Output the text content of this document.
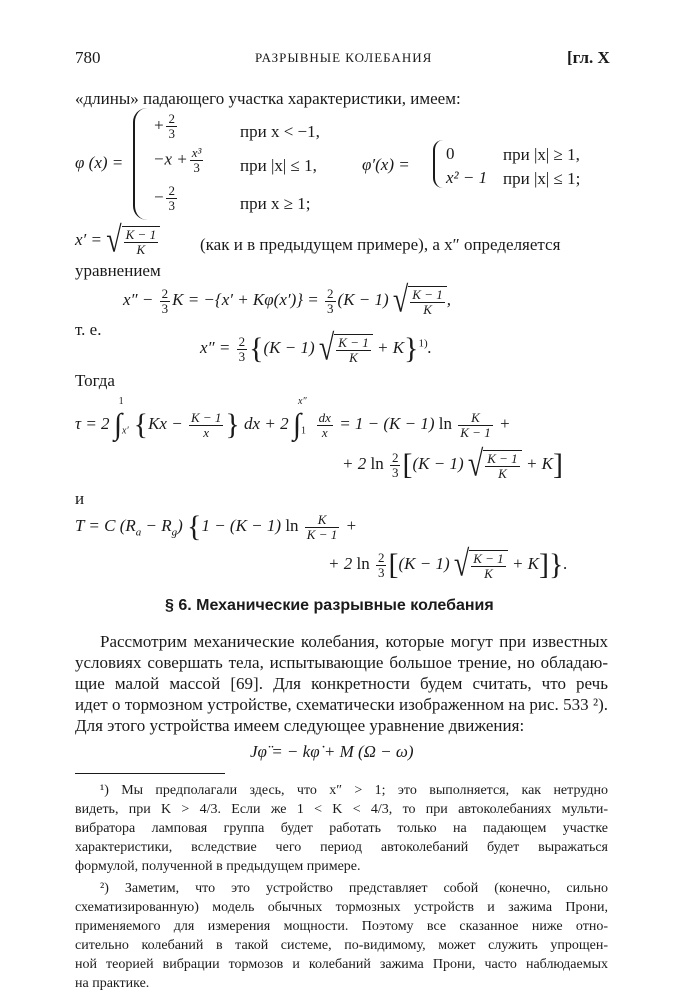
780	РАЗРЫВНЫЕ КОЛЕБАНИЯ	[гл. X
«длины» падающего участка характеристики, имеем:
φ (x) =
+ $\frac{2}{3}$	при x < −1,
$-x + \frac{\text{x³}}{3}$ при |x| ≤ 1,
− $\frac{2}{3}$	при x ≥ 1;
φ′(x) =
0	при |x| ≥ 1,
x² − 1 при |x| ≤ 1;
x′ = √ $\frac{K - 1}{K} (как$ и в предыдущем примере), а x″ определяется
уравнением
$x'' - \frac{2}{3}$ $K = -\{x' + K\varphi(x')\} = \frac{2}{3} (K - 1)$ √ $\frac{K - 1}{K}$ ,
т. е.
$x'' = \frac{2}{3} \{(K - 1)$ √ $\frac{K - 1}{K} + K\}^{1)}$.
Тогда
τ = 2 $\int_{x'}^1\{Kx - \frac{K - 1}{x}$ } dx + 2 $\int_1^{x''}$
$\frac{dx}{x} = 1 - (K - 1)$ $\ln \frac{K}{K - 1}$ +
+ 2 $\ln \frac{2}{3} [(K - 1)$ √ $\frac{K - 1}{K} + K$]
и
T = C $(R_a - R_g) \{1 - (K - 1)$ $\ln \frac{K}{K - 1}$ +
+ 2 $\ln \frac{2}{3} [(K - 1)$ √ $\frac{K - 1}{K} + K$]}.
§ 6. Механические разрывные колебания
Рассмотрим механические колебания, которые могут при известных
условиях совершать тела, испытывающие большое трение, но обладаю-
щие малой массой [69]. Для конкретности будем считать, что речь
идет о тормозном устройстве, схематически изображенном на рис. 533 ²).
Для этого устройства имеем следующее уравнение движения:
Jφ̈ = − kφ̇ + M (Ω − ω)
¹) Мы предполагали здесь, что x″ > 1; это выполняется, как нетрудно
видеть, при K > 4/3. Если же 1 < K < 4/3, то при автоколебаниях мульти-
вибратора ламповая группа будет работать только на падающем участке
характеристики, вследствие чего период автоколебаний будет выражаться
формулой, полученной в предыдущем примере.
²) Заметим, что это устройство представляет собой (конечно, сильно
схематизированную) модель обычных тормозных устройств и зажима Прони,
применяемого для измерения мощности. Поэтому все сказанное ниже отно-
сительно колебаний в такой системе, по-видимому, может служить упрощен-
ной теорией вибрации тормозов и колебаний зажима Прони, часто наблюдаемых
на практике.
